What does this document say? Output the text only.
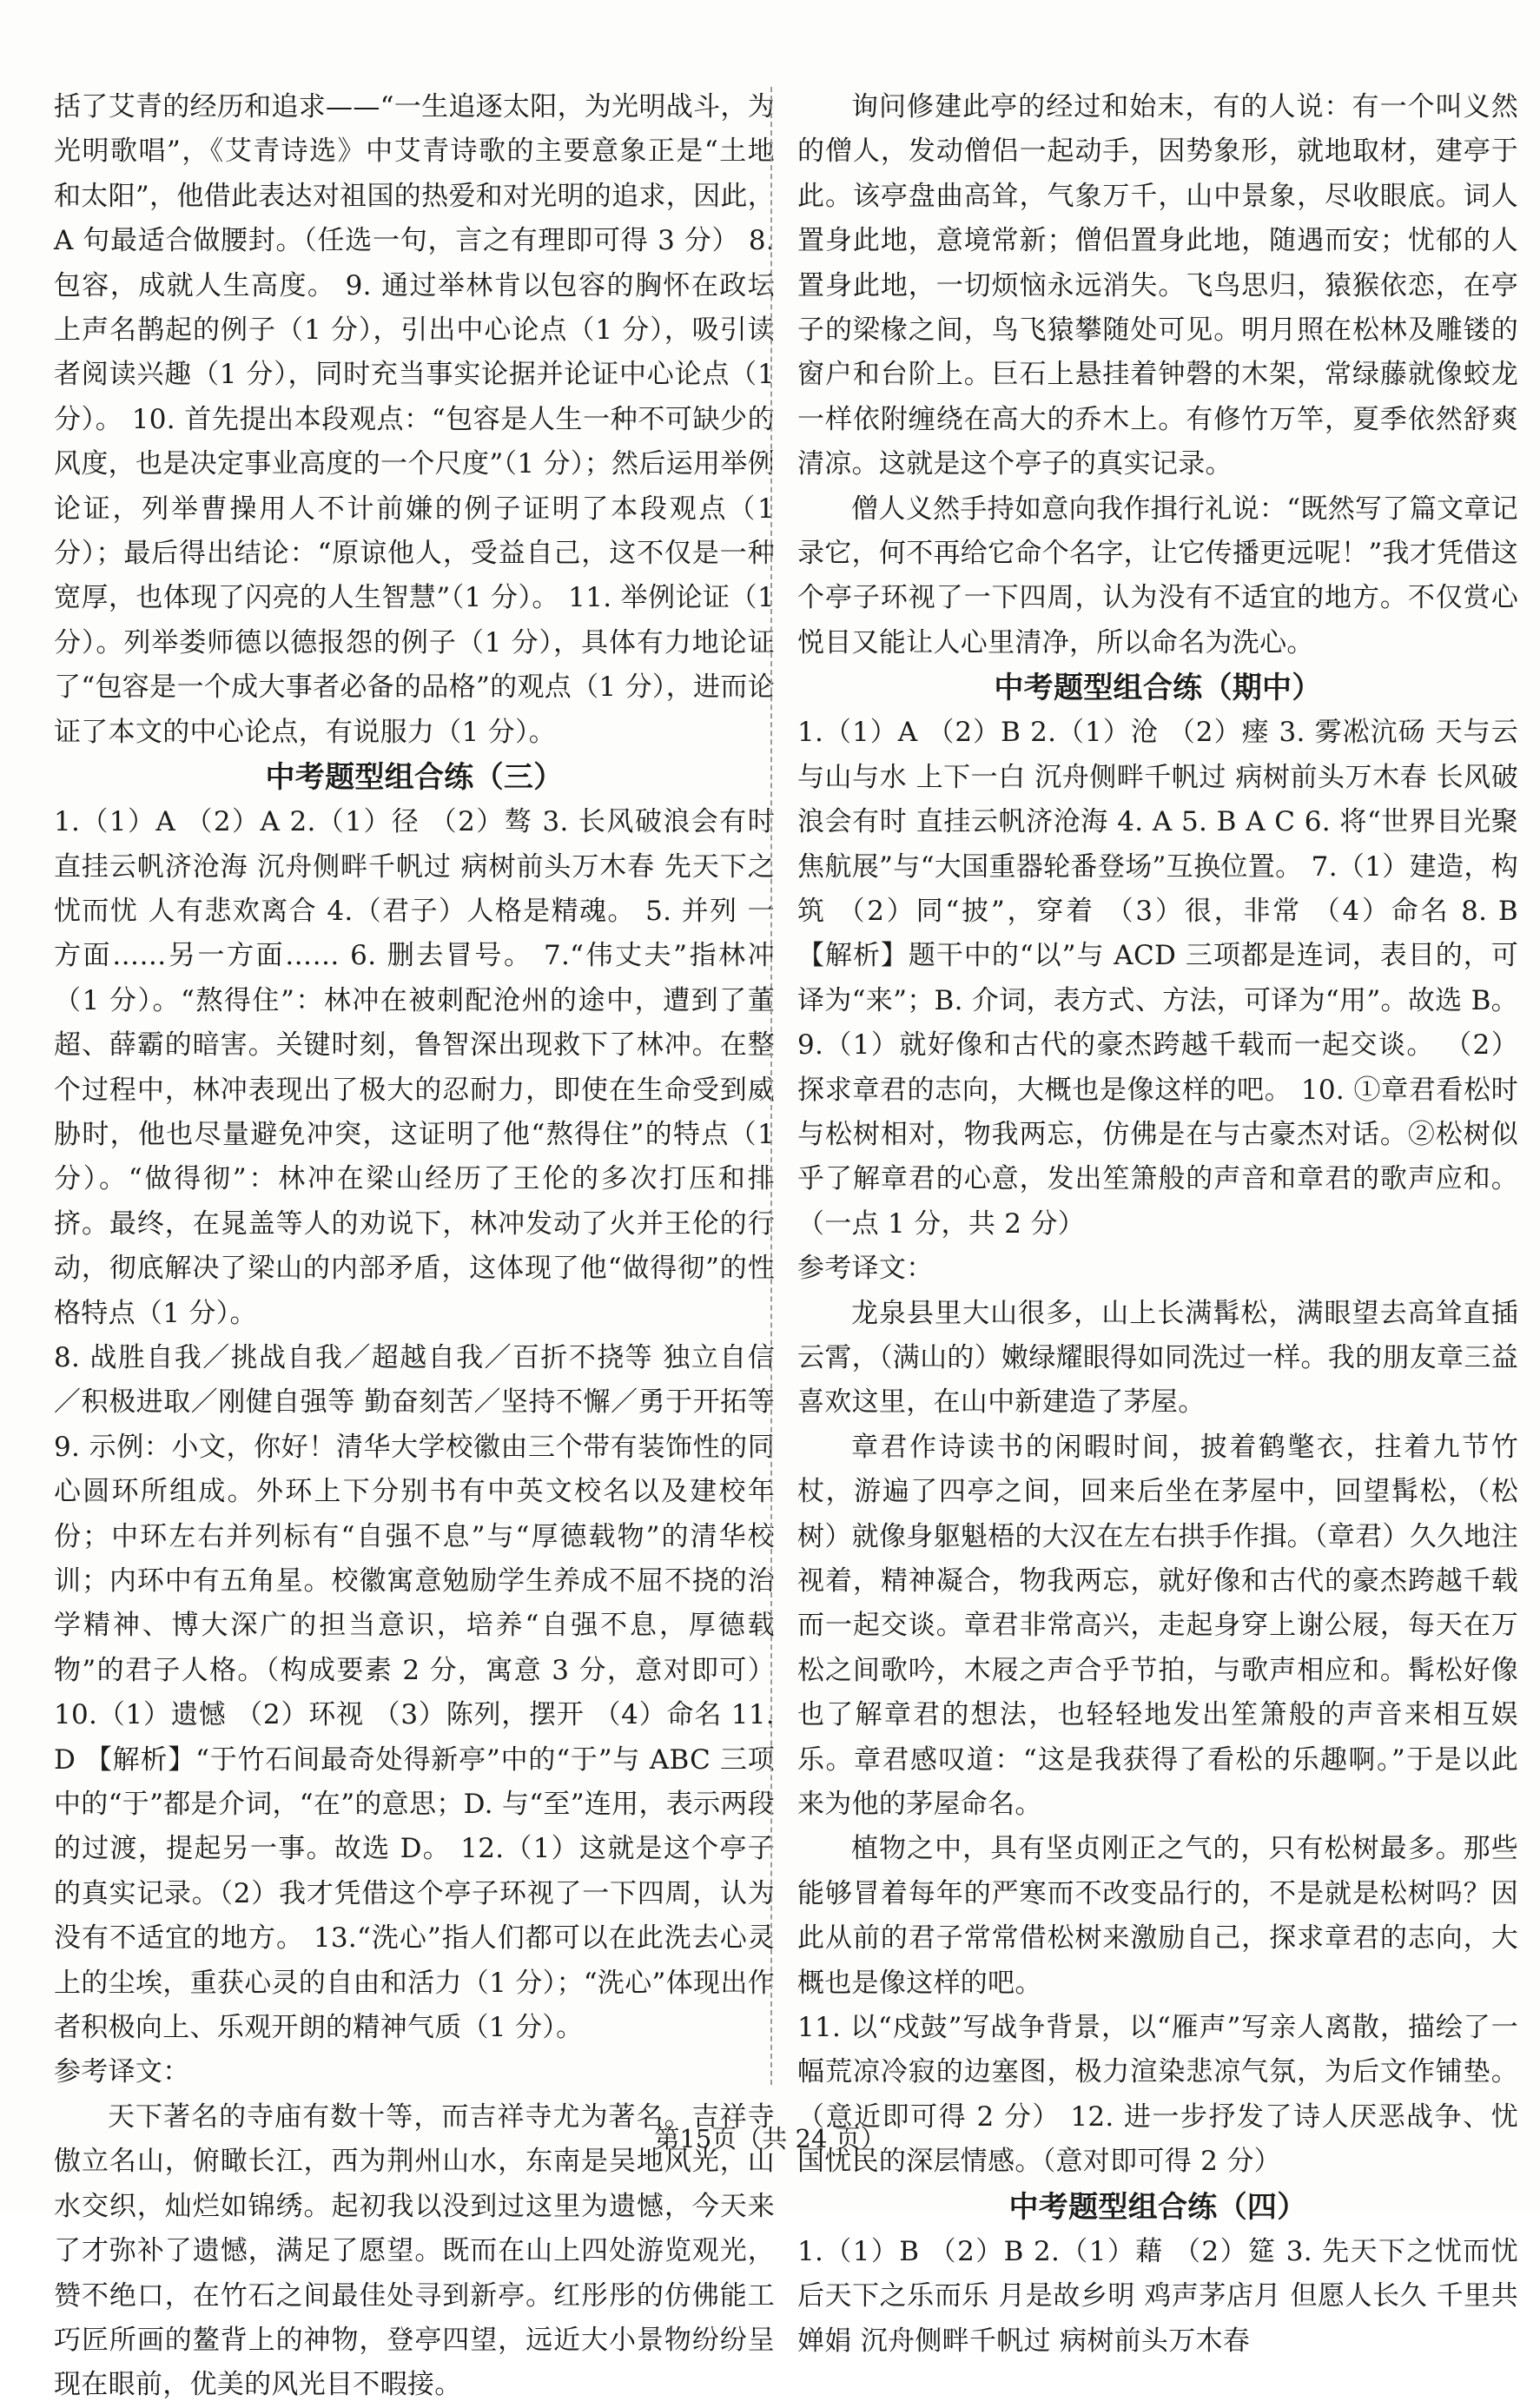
括了艾青的经历和追求——“一生追逐太阳，为光明战斗，为光明歌唱”，《艾青诗选》中艾青诗歌的主要意象正是“土地和太阳”，他借此表达对祖国的热爱和对光明的追求，因此，A 句最适合做腰封。（任选一句，言之有理即可得 3 分） 8. 包容，成就人生高度。 9. 通过举林肯以包容的胸怀在政坛上声名鹊起的例子（1 分），引出中心论点（1 分），吸引读者阅读兴趣（1 分），同时充当事实论据并论证中心论点（1 分）。 10. 首先提出本段观点：“包容是人生一种不可缺少的风度，也是决定事业高度的一个尺度”（1 分）；然后运用举例论证，列举曹操用人不计前嫌的例子证明了本段观点（1 分）；最后得出结论：“原谅他人，受益自己，这不仅是一种宽厚，也体现了闪亮的人生智慧”（1 分）。 11. 举例论证（1 分）。列举娄师德以德报怨的例子（1 分），具体有力地论证了“包容是一个成大事者必备的品格”的观点（1 分），进而论证了本文的中心论点，有说服力（1 分）。

中考题型组合练（三）

1.（1）A （2）A 2.（1）径 （2）骜 3. 长风破浪会有时 直挂云帆济沧海 沉舟侧畔千帆过 病树前头万木春 先天下之忧而忧 人有悲欢离合 4.（君子）人格是精魂。 5. 并列 一方面……另一方面…… 6. 删去冒号。 7.“伟丈夫”指林冲（1 分）。“熬得住”：林冲在被刺配沧州的途中，遭到了董超、薛霸的暗害。关键时刻，鲁智深出现救下了林冲。在整个过程中，林冲表现出了极大的忍耐力，即使在生命受到威胁时，他也尽量避免冲突，这证明了他“熬得住”的特点（1 分）。“做得彻”：林冲在梁山经历了王伦的多次打压和排挤。最终，在晁盖等人的劝说下，林冲发动了火并王伦的行动，彻底解决了梁山的内部矛盾，这体现了他“做得彻”的性格特点（1 分）。

8. 战胜自我／挑战自我／超越自我／百折不挠等 独立自信／积极进取／刚健自强等 勤奋刻苦／坚持不懈／勇于开拓等 9. 示例：小文，你好！清华大学校徽由三个带有装饰性的同心圆环所组成。外环上下分别书有中英文校名以及建校年份；中环左右并列标有“自强不息”与“厚德载物”的清华校训；内环中有五角星。校徽寓意勉励学生养成不屈不挠的治学精神、博大深广的担当意识，培养“自强不息，厚德载物”的君子人格。（构成要素 2 分，寓意 3 分，意对即可） 10.（1）遗憾 （2）环视 （3）陈列，摆开 （4）命名 11. D 【解析】“于竹石间最奇处得新亭”中的“于”与 ABC 三项中的“于”都是介词，“在”的意思；D. 与“至”连用，表示两段的过渡，提起另一事。故选 D。 12.（1）这就是这个亭子的真实记录。（2）我才凭借这个亭子环视了一下四周，认为没有不适宜的地方。 13.“洗心”指人们都可以在此洗去心灵上的尘埃，重获心灵的自由和活力（1 分）；“洗心”体现出作者积极向上、乐观开朗的精神气质（1 分）。

参考译文：

天下著名的寺庙有数十等，而吉祥寺尤为著名。吉祥寺傲立名山，俯瞰长江，西为荆州山水，东南是吴地风光，山水交织，灿烂如锦绣。起初我以没到过这里为遗憾，今天来了才弥补了遗憾，满足了愿望。既而在山上四处游览观光，赞不绝口，在竹石之间最佳处寻到新亭。红彤彤的仿佛能工巧匠所画的鳌背上的神物，登亭四望，远近大小景物纷纷呈现在眼前，优美的风光目不暇接。

询问修建此亭的经过和始末，有的人说：有一个叫义然的僧人，发动僧侣一起动手，因势象形，就地取材，建亭于此。该亭盘曲高耸，气象万千，山中景象，尽收眼底。词人置身此地，意境常新；僧侣置身此地，随遇而安；忧郁的人置身此地，一切烦恼永远消失。飞鸟思归，猿猴依恋，在亭子的梁椽之间，鸟飞猿攀随处可见。明月照在松林及雕镂的窗户和台阶上。巨石上悬挂着钟磬的木架，常绿藤就像蛟龙一样依附缠绕在高大的乔木上。有修竹万竿，夏季依然舒爽清凉。这就是这个亭子的真实记录。

僧人义然手持如意向我作揖行礼说：“既然写了篇文章记录它，何不再给它命个名字，让它传播更远呢！”我才凭借这个亭子环视了一下四周，认为没有不适宜的地方。不仅赏心悦目又能让人心里清净，所以命名为洗心。

中考题型组合练（期中）

1.（1）A （2）B 2.（1）沧 （2）瘗 3. 雾凇沆砀 天与云与山与水 上下一白 沉舟侧畔千帆过 病树前头万木春 长风破浪会有时 直挂云帆济沧海 4. A 5. B A C 6. 将“世界目光聚焦航展”与“大国重器轮番登场”互换位置。 7.（1）建造，构筑 （2）同“披”，穿着 （3）很，非常 （4）命名 8. B 【解析】题干中的“以”与 ACD 三项都是连词，表目的，可译为“来”；B. 介词，表方式、方法，可译为“用”。故选 B。 9.（1）就好像和古代的豪杰跨越千载而一起交谈。 （2）探求章君的志向，大概也是像这样的吧。 10. ①章君看松时与松树相对，物我两忘，仿佛是在与古豪杰对话。②松树似乎了解章君的心意，发出笙箫般的声音和章君的歌声应和。（一点 1 分，共 2 分）

参考译文：

龙泉县里大山很多，山上长满髯松，满眼望去高耸直插云霄，（满山的）嫩绿耀眼得如同洗过一样。我的朋友章三益喜欢这里，在山中新建造了茅屋。

章君作诗读书的闲暇时间，披着鹤氅衣，拄着九节竹杖，游遍了四亭之间，回来后坐在茅屋中，回望髯松，（松树）就像身躯魁梧的大汉在左右拱手作揖。（章君）久久地注视着，精神凝合，物我两忘，就好像和古代的豪杰跨越千载而一起交谈。章君非常高兴，走起身穿上谢公屐，每天在万松之间歌吟，木屐之声合乎节拍，与歌声相应和。髯松好像也了解章君的想法，也轻轻地发出笙箫般的声音来相互娱乐。章君感叹道：“这是我获得了看松的乐趣啊。”于是以此来为他的茅屋命名。

植物之中，具有坚贞刚正之气的，只有松树最多。那些能够冒着每年的严寒而不改变品行的，不是就是松树吗？因此从前的君子常常借松树来激励自己，探求章君的志向，大概也是像这样的吧。

11. 以“戍鼓”写战争背景，以“雁声”写亲人离散，描绘了一幅荒凉冷寂的边塞图，极力渲染悲凉气氛，为后文作铺垫。（意近即可得 2 分） 12. 进一步抒发了诗人厌恶战争、忧国忧民的深层情感。（意对即可得 2 分）

中考题型组合练（四）

1.（1）B （2）B 2.（1）藉 （2）筵 3. 先天下之忧而忧 后天下之乐而乐 月是故乡明 鸡声茅店月 但愿人长久 千里共婵娟 沉舟侧畔千帆过 病树前头万木春

第15页（共 24 页）
